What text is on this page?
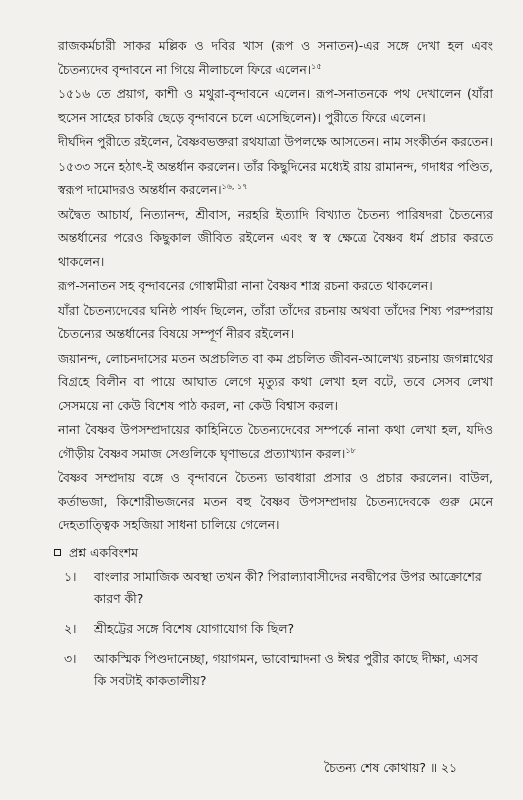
রাজকর্মচারী সাকর মল্লিক ও দবির খাস (রূপ ও সনাতন)-এর সঙ্গে দেখা হল এবং চৈতন্যদেব বৃন্দাবনে না গিয়ে নীলাচলে ফিরে এলেন।$^{১৫}$

১৫১৬ তে প্রয়াগ, কাশী ও মথুরা-বৃন্দাবনে এলেন। রূপ-সনাতনকে পথ দেখালেন (যাঁরা হুসেন সাহের চাকরি ছেড়ে বৃন্দাবনে চলে এসেছিলেন)। পুরীতে ফিরে এলেন।

দীর্ঘদিন পুরীতে রইলেন, বৈষ্ণবভক্তরা রথযাত্রা উপলক্ষে আসতেন। নাম সংকীর্তন করতেন।

১৫৩৩ সনে হঠাৎ-ই অন্তর্ধান করলেন। তাঁর কিছুদিনের মধ্যেই রায় রামানন্দ, গদাধর পণ্ডিত, স্বরূপ দামোদরও অন্তর্ধান করলেন।$^{১৬, ১৭}$

অদ্বৈত আচার্য, নিত্যানন্দ, শ্রীবাস, নরহরি ইত্যাদি বিখ্যাত চৈতন্য পারিষদরা চৈতন্যের অন্তর্ধানের পরেও কিছুকাল জীবিত রইলেন এবং স্ব স্ব ক্ষেত্রে বৈষ্ণব ধর্ম প্রচার করতে থাকলেন।

রূপ-সনাতন সহ বৃন্দাবনের গোস্বামীরা নানা বৈষ্ণব শাস্ত্র রচনা করতে থাকলেন।

যাঁরা চৈতন্যদেবের ঘনিষ্ঠ পার্ষদ ছিলেন, তাঁরা তাঁদের রচনায় অথবা তাঁদের শিষ্য পরম্পরায় চৈতন্যের অন্তর্ধানের বিষয়ে সম্পূর্ণ নীরব রইলেন।

জয়ানন্দ, লোচনদাসের মতন অপ্রচলিত বা কম প্রচলিত জীবন-আলেখ্য রচনায় জগন্নাথের বিগ্রহে বিলীন বা পায়ে আঘাত লেগে মৃত্যুর কথা লেখা হল বটে, তবে সেসব লেখা সেসময়ে না কেউ বিশেষ পাঠ করল, না কেউ বিশ্বাস করল।

নানা বৈষ্ণব উপসম্প্রদায়ের কাহিনিতে চৈতন্যদেবের সম্পর্কে নানা কথা লেখা হল, যদিও গৌড়ীয় বৈষ্ণব সমাজ সেগুলিকে ঘৃণাভরে প্রত্যাখ্যান করল।$^{১৮}$

বৈষ্ণব সম্প্রদায় বঙ্গে ও বৃন্দাবনে চৈতন্য ভাবধারা প্রসার ও প্রচার করলেন। বাউল, কর্তাভজা, কিশোরীভজনের মতন বহু বৈষ্ণব উপসম্প্রদায় চৈতন্যদেবকে গুরু মেনে দেহতাত্ত্বিক সহজিয়া সাধনা চালিয়ে গেলেন।

প্রশ্ন একবিংশম
১।	বাংলার সামাজিক অবস্থা তখন কী? পিরাল্যাবাসীদের নবদ্বীপের উপর আক্রোশের কারণ কী?
২।	শ্রীহট্টের সঙ্গে বিশেষ যোগাযোগ কি ছিল?
৩।	আকস্মিক পিণ্ডদানেচ্ছা, গয়াগমন, ভাবোন্মাদনা ও ঈশ্বর পুরীর কাছে দীক্ষা, এসব কি সবটাই কাকতালীয়?
চৈতন্য শেষ কোথায়? ॥ ২১
